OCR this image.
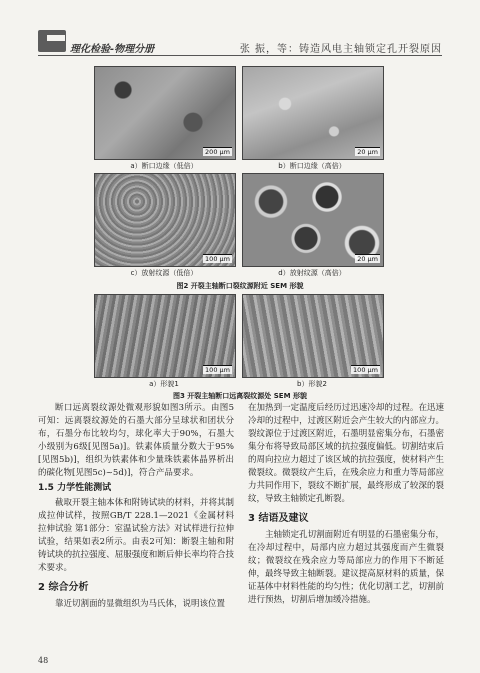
理化检验-物理分册	张 振，等：铸造风电主轴锁定孔开裂原因
200 μm	20 μm
a）断口边缘（低倍）	b）断口边缘（高倍）
100 μm	20 μm
c）放射纹源（低倍）	d）放射纹源（高倍）
图2 开裂主轴断口裂纹源附近 SEM 形貌
100 μm	100 μm
a）形貌1	b）形貌2
图3 开裂主轴断口远离裂纹源处 SEM 形貌

断口远离裂纹源处微观形貌如图3所示。由图5可知：远离裂纹源处的石墨大部分呈球状和团状分布，石墨分布比较均匀，球化率大于90%，石墨大小级别为6级[见图5a)]。铁素体质量分数大于95%[见图5b)]，组织为铁素体和少量珠铁素体晶界析出的碳化物[见图5c)~5d)]，符合产品要求。

1.5 力学性能测试

截取开裂主轴本体和附铸试块的材料，并将其制成拉伸试样，按照GB/T 228.1—2021《金属材料 拉伸试验 第1部分：室温试验方法》对试样进行拉伸试验，结果如表2所示。由表2可知：断裂主轴和附铸试块的抗拉强度、屈服强度和断后伸长率均符合技术要求。

2 综合分析

靠近切割面的显微组织为马氏体，说明该位置

在加热到一定温度后经历过迅速冷却的过程。在迅速冷却的过程中，过渡区附近会产生较大的内部应力。裂纹源位于过渡区附近，石墨明显密集分布，石墨密集分布将导致局部区域的抗拉强度偏低。切割结束后的周向拉应力超过了该区域的抗拉强度，使材料产生微裂纹。微裂纹产生后，在残余应力和重力等局部应力共同作用下，裂纹不断扩展，最终形成了较深的裂纹，导致主轴锁定孔断裂。

3 结语及建议

主轴锁定孔切割面附近有明显的石墨密集分布，在冷却过程中，局部内应力超过其强度而产生微裂纹；微裂纹在残余应力等局部应力的作用下不断延伸，最终导致主轴断裂。建议提高原材料的质量，保证基体中材料性能的均匀性；优化切割工艺，切割前进行预热，切割后增加缓冷措施。

48
